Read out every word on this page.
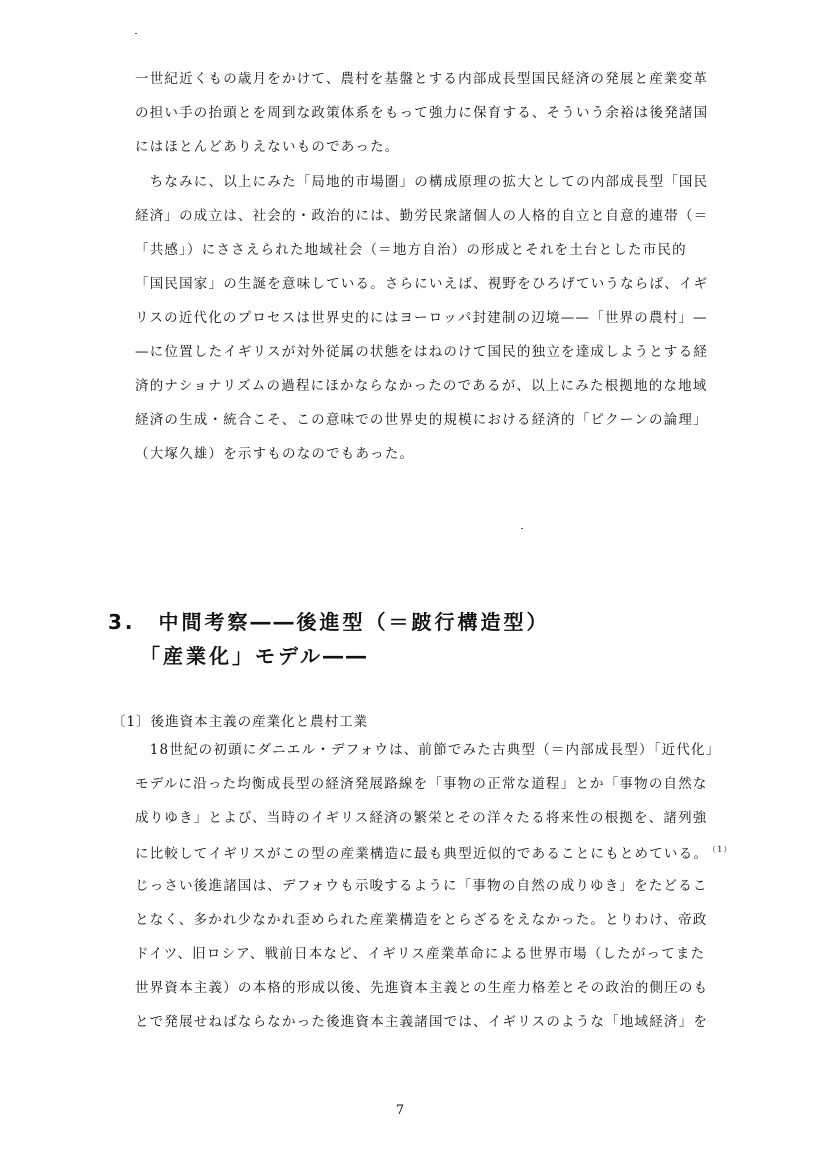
一世紀近くもの歳月をかけて、農村を基盤とする内部成長型国民経済の発展と産業変革
の担い手の抬頭とを周到な政策体系をもって強力に保育する、そういう余裕は後発諸国
にはほとんどありえないものであった。
　ちなみに、以上にみた「局地的市場圏」の構成原理の拡大としての内部成長型「国民
経済」の成立は、社会的・政治的には、勤労民衆諸個人の人格的自立と自意的連帯（＝
「共感」）にささえられた地域社会（＝地方自治）の形成とそれを土台とした市民的
「国民国家」の生誕を意味している。さらにいえば、視野をひろげていうならば、イギ
リスの近代化のプロセスは世界史的にはヨーロッパ封建制の辺境——「世界の農村」—
—に位置したイギリスが対外従属の状態をはねのけて国民的独立を達成しようとする経
済的ナショナリズムの過程にほかならなかったのであるが、以上にみた根拠地的な地域
経済の生成・統合こそ、この意味での世界史的規模における経済的「ピクーンの論理」
（大塚久雄）を示すものなのでもあった。
3.　中間考察――後進型（＝跛行構造型）
「産業化」モデル――
〔1〕後進資本主義の産業化と農村工業
　18世紀の初頭にダニエル・デフォウは、前節でみた古典型（＝内部成長型）「近代化」
モデルに沿った均衡成長型の経済発展路線を「事物の正常な道程」とか「事物の自然な
成りゆき」とよび、当時のイギリス経済の繁栄とその洋々たる将来性の根拠を、諸列強
に比較してイギリスがこの型の産業構造に最も典型近似的であることにもとめている。 $^{(1)}$
じっさい後進諸国は、デフォウも示唆するように「事物の自然の成りゆき」をたどるこ
となく、多かれ少なかれ歪められた産業構造をとらざるをえなかった。とりわけ、帝政
ドイツ、旧ロシア、戦前日本など、イギリス産業革命による世界市場（したがってまた
世界資本主義）の本格的形成以後、先進資本主義との生産力格差とその政治的側圧のも
とで発展せねばならなかった後進資本主義諸国では、イギリスのような「地域経済」を
7
